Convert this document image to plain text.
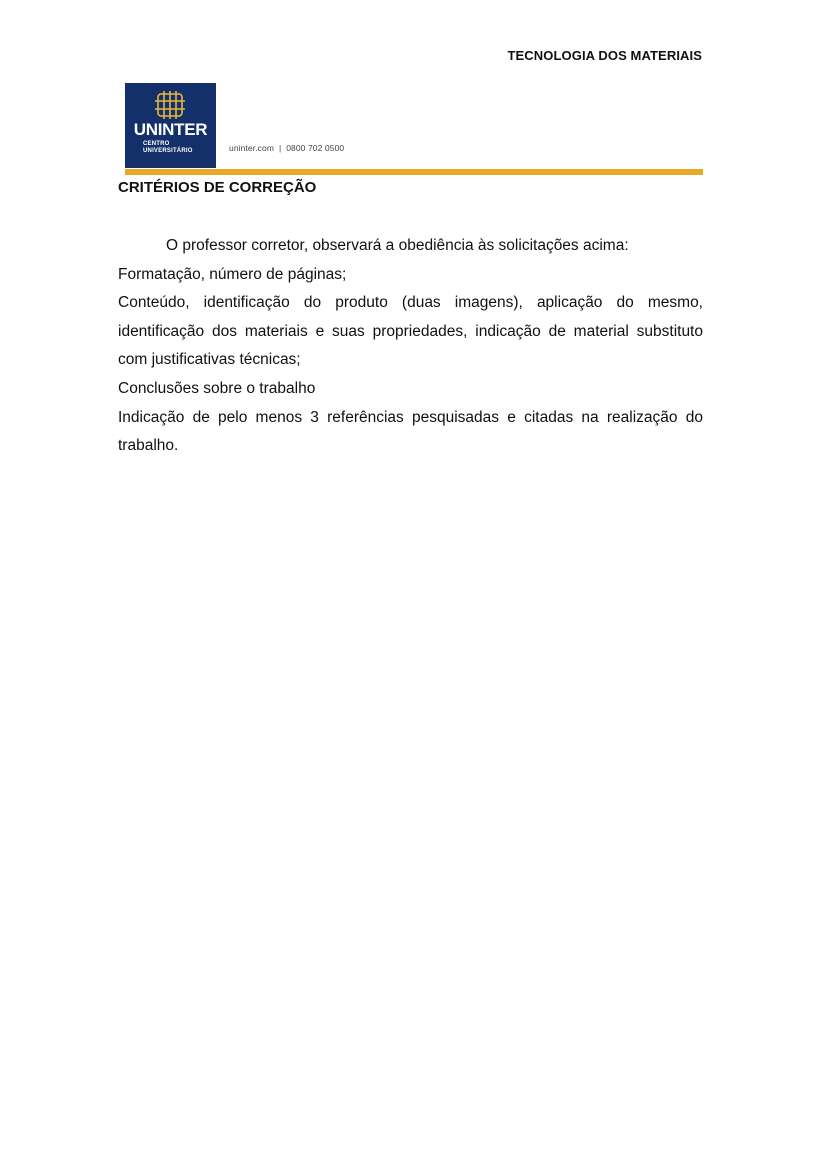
TECNOLOGIA DOS MATERIAIS
UNINTER
CENTRO
UNIVERSITÁRIO	uninter.com  |  0800 702 0500
CRITÉRIOS DE CORREÇÃO

O professor corretor, observará a obediência às solicitações acima:

Formatação, número de páginas;

Conteúdo, identificação do produto (duas imagens), aplicação do mesmo, identificação dos materiais e suas propriedades, indicação de material substituto com justificativas técnicas;

Conclusões sobre o trabalho

Indicação de pelo menos 3 referências pesquisadas e citadas na realização do trabalho.
